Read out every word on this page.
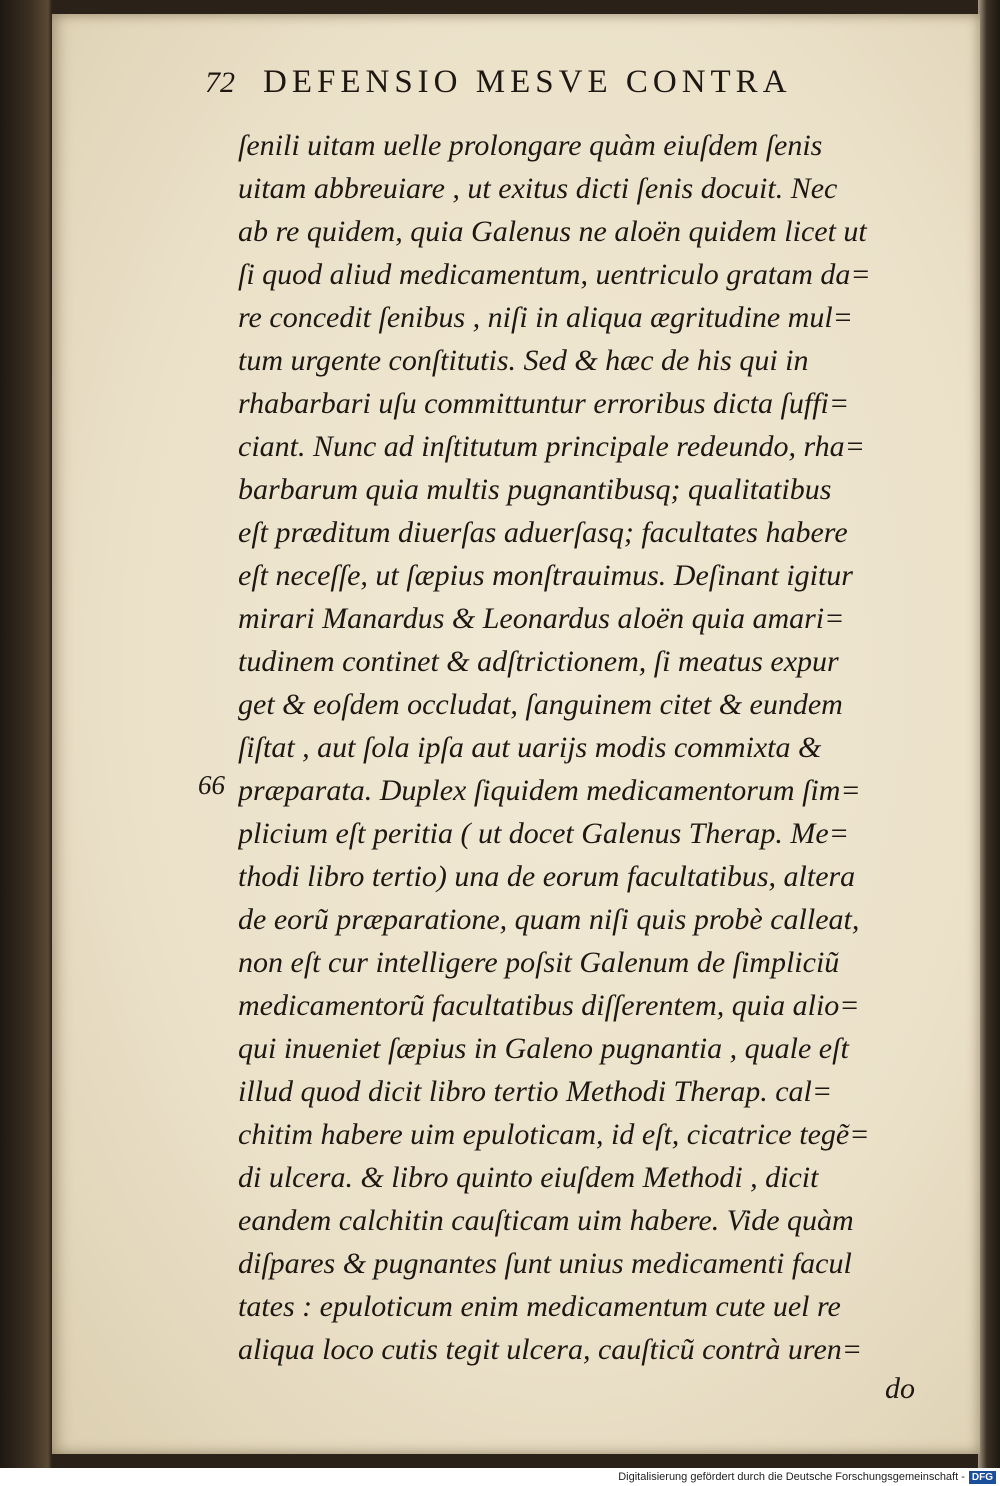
72 DEFENSIO MESVE CONTRA
66
ſenili uitam uelle prolongare quàm eiuſdem ſenis
uitam abbreuiare , ut exitus dicti ſenis docuit. Nec
ab re quidem, quia Galenus ne aloën quidem licet ut
ſi quod aliud medicamentum, uentriculo gratam da=
re concedit ſenibus , niſi in aliqua ægritudine mul=
tum urgente conſtitutis. Sed & hæc de his qui in
rhabarbari uſu committuntur erroribus dicta ſuffi=
ciant. Nunc ad inſtitutum principale redeundo, rha=
barbarum quia multis pugnantibusq; qualitatibus
eſt præditum diuerſas aduerſasq; facultates habere
eſt neceſſe, ut ſæpius monſtrauimus. Deſinant igitur
mirari Manardus & Leonardus aloën quia amari=
tudinem continet & adſtrictionem, ſi meatus expur
get & eoſdem occludat, ſanguinem citet & eundem
ſiſtat , aut ſola ipſa aut uarijs modis commixta &
præparata. Duplex ſiquidem medicamentorum ſim=
plicium eſt peritia ( ut docet Galenus Therap. Me=
thodi libro tertio) una de eorum facultatibus, altera
de eorũ præparatione, quam niſi quis probè calleat,
non eſt cur intelligere poſsit Galenum de ſimpliciũ
medicamentorũ facultatibus diſſerentem, quia alio=
qui inueniet ſæpius in Galeno pugnantia , quale eſt
illud quod dicit libro tertio Methodi Therap. cal=
chitim habere uim epuloticam, id eſt, cicatrice tegẽ=
di ulcera. & libro quinto eiuſdem Methodi , dicit
eandem calchitin cauſticam uim habere. Vide quàm
diſpares & pugnantes ſunt unius medicamenti facul
tates : epuloticum enim medicamentum cute uel re
aliqua loco cutis tegit ulcera, cauſticũ contrà uren=
do
Digitalisierung gefördert durch die Deutsche Forschungsgemeinschaft - DFG
